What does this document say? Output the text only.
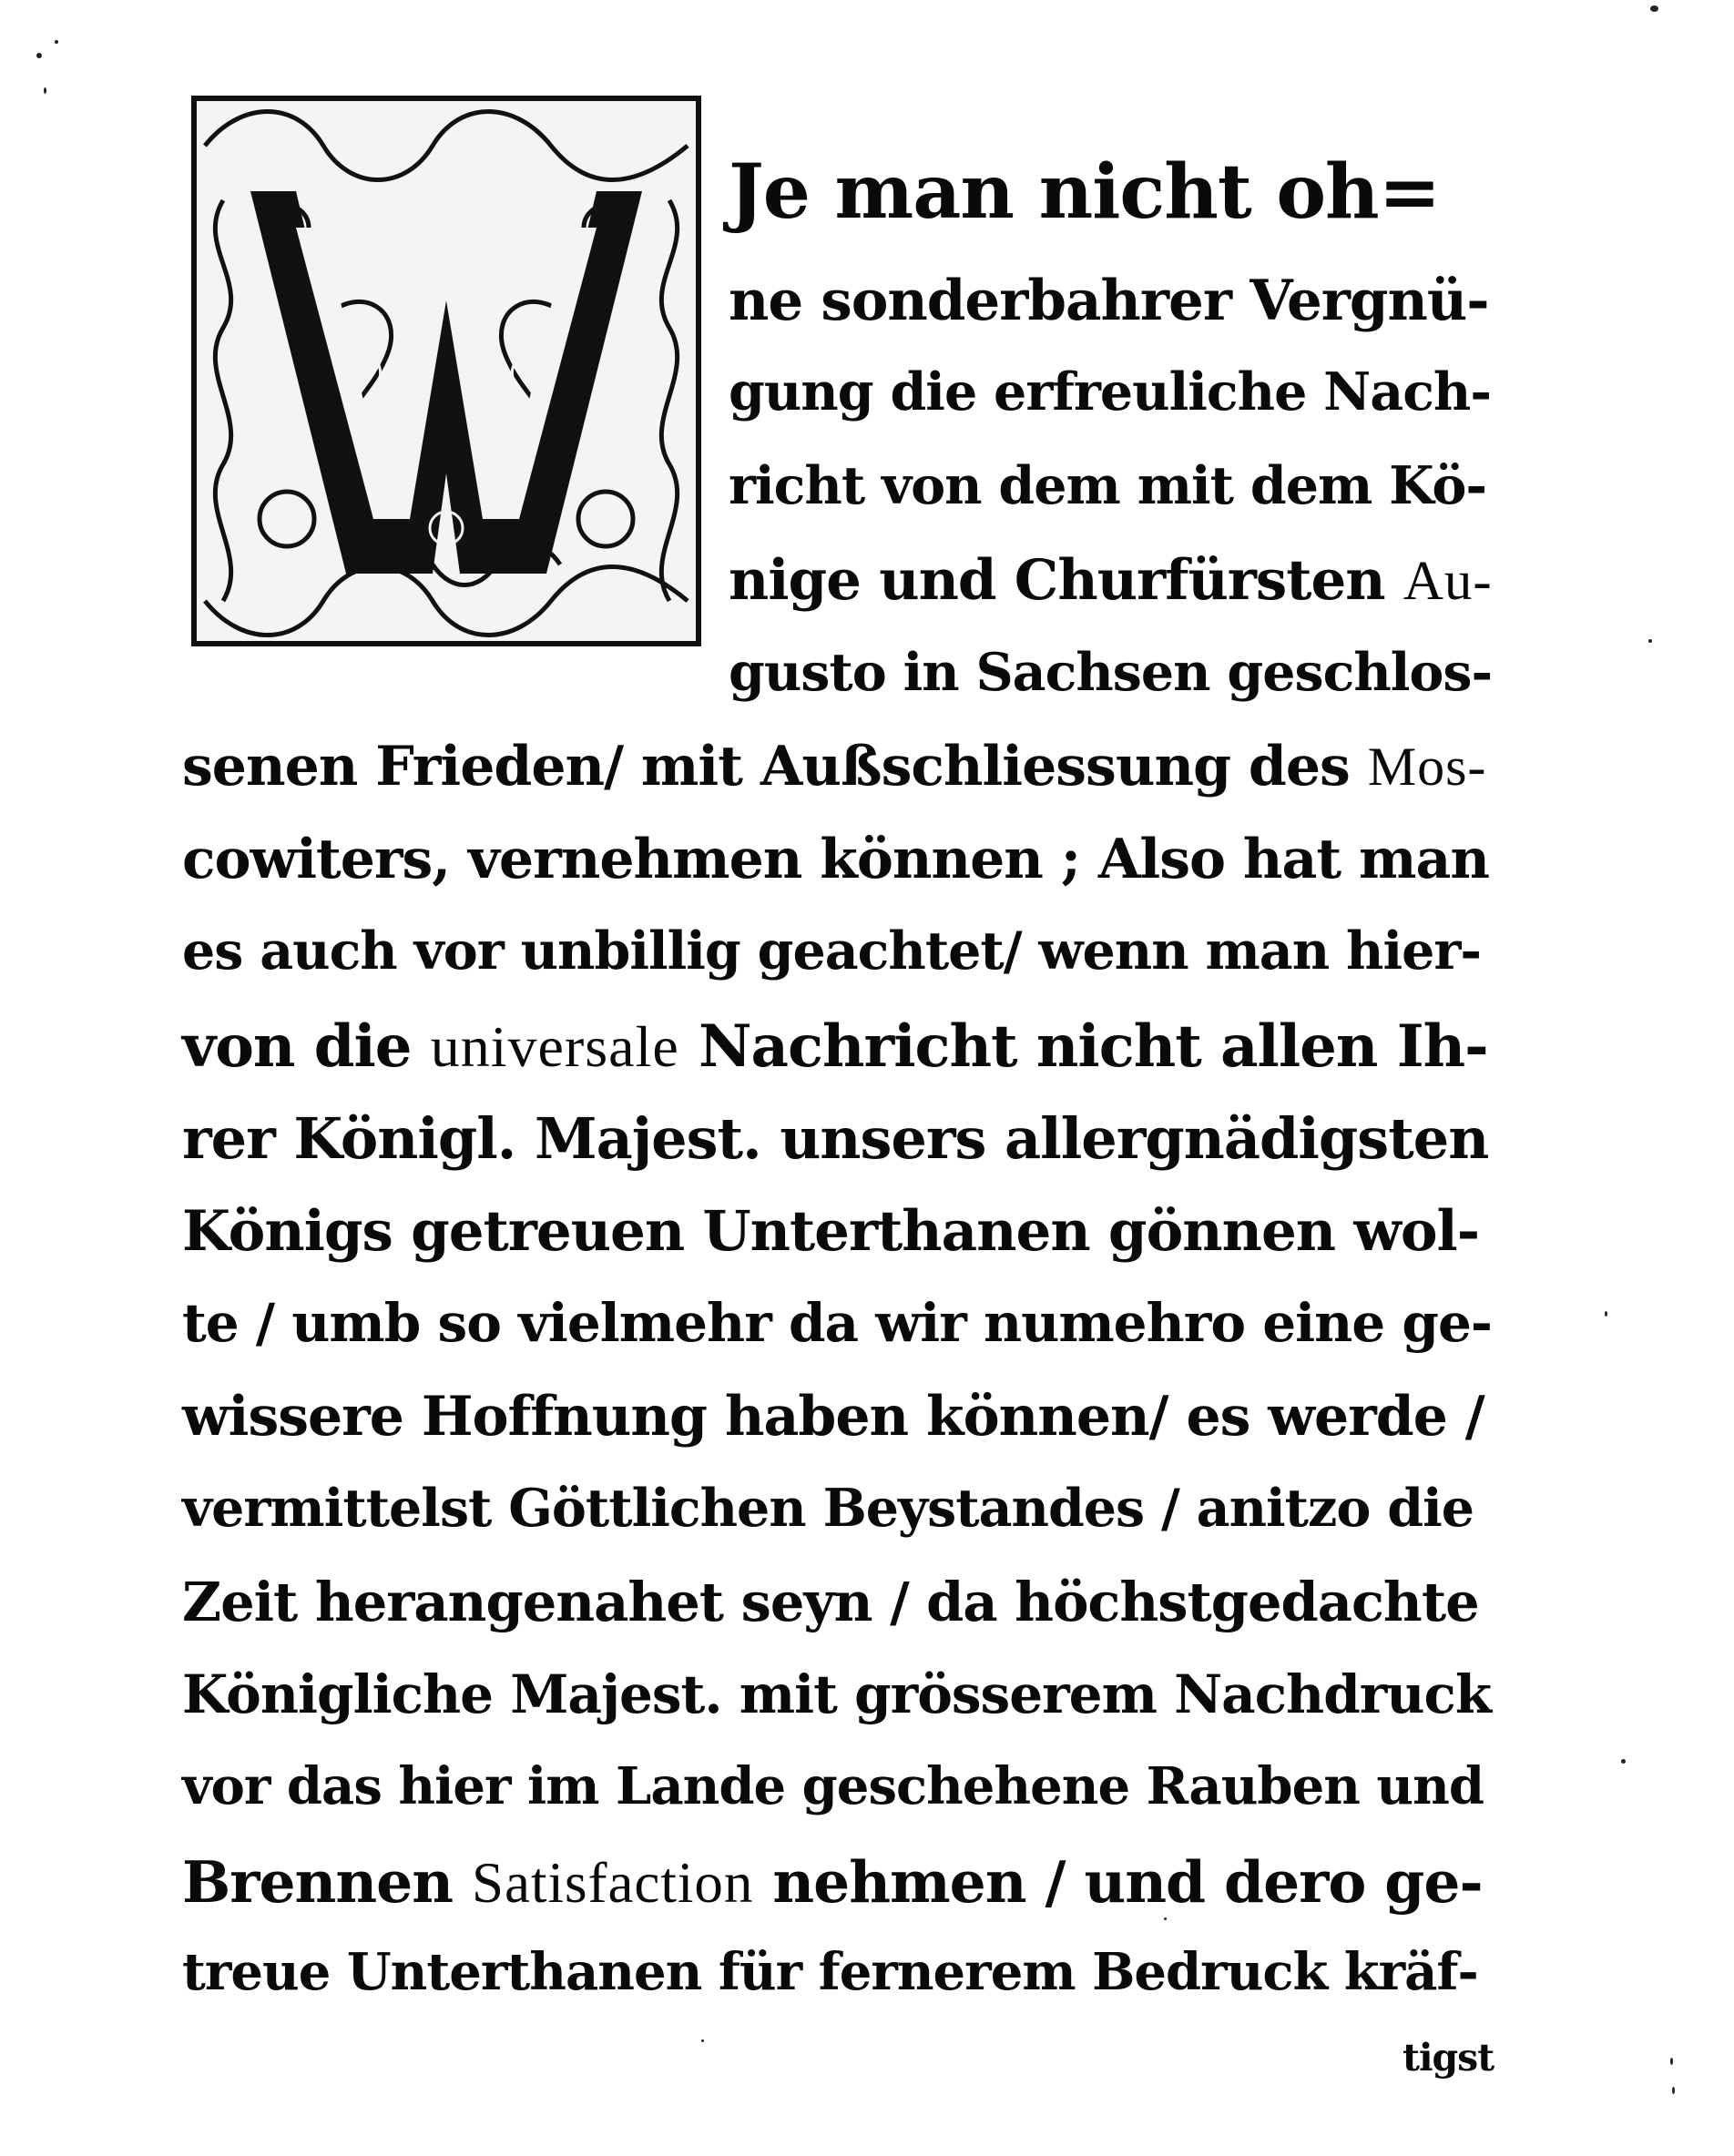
Je man nicht oh=
ne sonderbahrer Vergnü‐
gung die erfreuliche Nach‐
richt von dem mit dem Kö‐
nige und Churfürsten Au‐
gusto in Sachsen geschlos‐
senen Frieden/ mit Außschliessung des Mos‐
cowiters, vernehmen können ; Also hat man
es auch vor unbillig geachtet/ wenn man hier‐
von die universale Nachricht nicht allen Ih‐
rer Königl. Majest. unsers allergnädigsten
Königs getreuen Unterthanen gönnen wol‐
te / umb so vielmehr da wir numehro eine ge‐
wissere Hoffnung haben können/ es werde /
vermittelst Göttlichen Beystandes / anitzo die
Zeit herangenahet seyn / da höchstgedachte
Königliche Majest. mit grösserem Nachdruck
vor das hier im Lande geschehene Rauben und
Brennen Satisfaction nehmen / und dero ge‐
treue Unterthanen für fernerem Bedruck kräf‐
tigst
